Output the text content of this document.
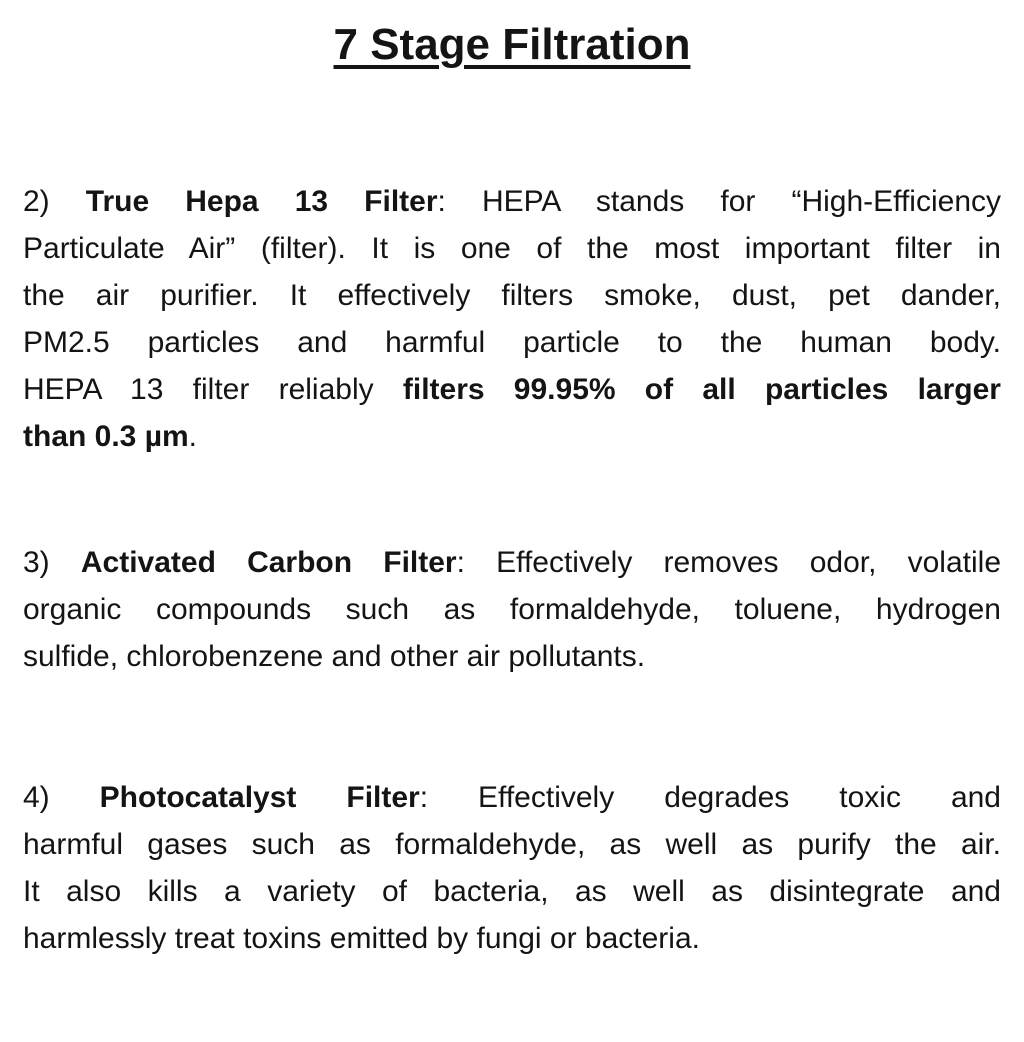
7 Stage Filtration
2) True Hepa 13 Filter: HEPA stands for “High-Efficiency
Particulate Air” (filter). It is one of the most important filter in
the air purifier. It effectively filters smoke, dust, pet dander,
PM2.5 particles and harmful particle to the human body.
HEPA 13 filter reliably filters 99.95% of all particles larger
than 0.3 µm.
3) Activated Carbon Filter: Effectively removes odor, volatile
organic compounds such as formaldehyde, toluene, hydrogen
sulfide, chlorobenzene and other air pollutants.
4) Photocatalyst Filter: Effectively degrades toxic and
harmful gases such as formaldehyde, as well as purify the air.
It also kills a variety of bacteria, as well as disintegrate and
harmlessly treat toxins emitted by fungi or bacteria.
